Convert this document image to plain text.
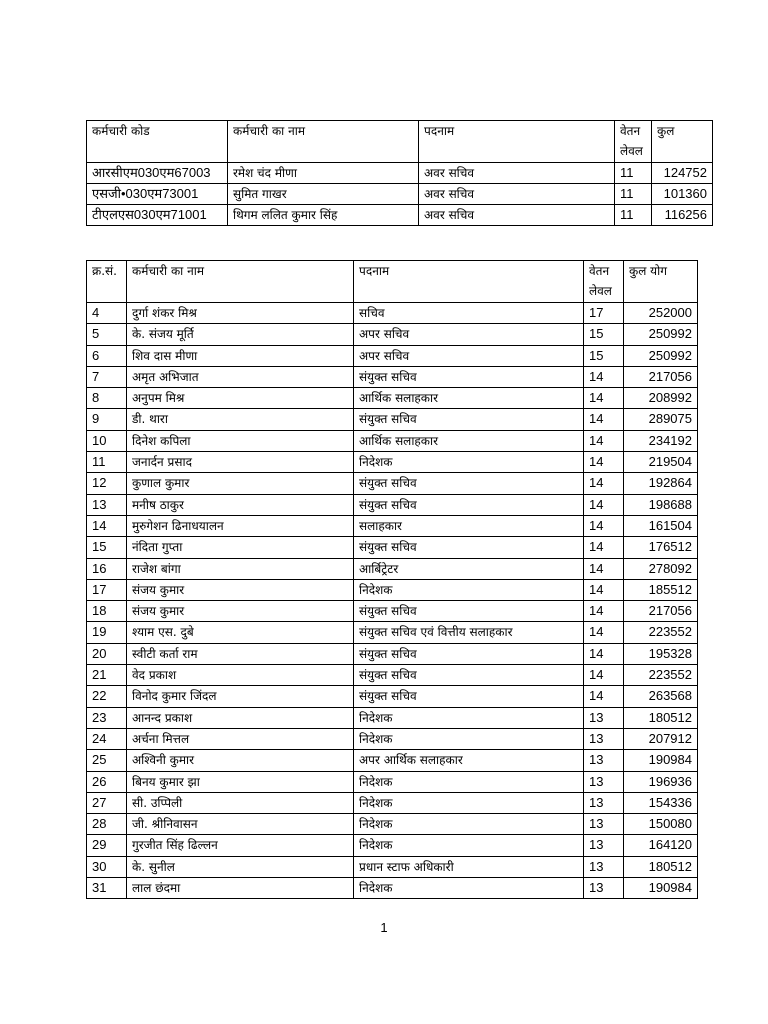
कर्मचारी कोड	कर्मचारी का नाम	पदनाम	वेतन लेवल	कुल
आरसीएम030एम67003	रमेश चंद मीणा	अवर सचिव	11	124752
एसजी•030एम73001	सुमित गाखर	अवर सचिव	11	101360
टीएलएस030एम71001	थिगम ललित कुमार सिंह	अवर सचिव	11	116256
क्र.सं.	कर्मचारी का नाम	पदनाम	वेतन लेवल	कुल योग
4	दुर्गा शंकर मिश्र	सचिव	17	252000
5	के. संजय मूर्ति	अपर सचिव	15	250992
6	शिव दास मीणा	अपर सचिव	15	250992
7	अमृत अभिजात	संयुक्त सचिव	14	217056
8	अनुपम मिश्र	आर्थिक सलाहकार	14	208992
9	डी. थारा	संयुक्त सचिव	14	289075
10	दिनेश कपिला	आर्थिक सलाहकार	14	234192
11	जनार्दन प्रसाद	निदेशक	14	219504
12	कुणाल कुमार	संयुक्त सचिव	14	192864
13	मनीष ठाकुर	संयुक्त सचिव	14	198688
14	मुरुगेशन ढिनाधयालन	सलाहकार	14	161504
15	नंदिता गुप्ता	संयुक्त सचिव	14	176512
16	राजेश बांगा	आर्बिट्रेटर	14	278092
17	संजय कुमार	निदेशक	14	185512
18	संजय कुमार	संयुक्त सचिव	14	217056
19	श्याम एस. दुबे	संयुक्त सचिव एवं वित्तीय सलाहकार	14	223552
20	स्वीटी कर्ता राम	संयुक्त सचिव	14	195328
21	वेद प्रकाश	संयुक्त सचिव	14	223552
22	विनोद कुमार जिंदल	संयुक्त सचिव	14	263568
23	आनन्द प्रकाश	निदेशक	13	180512
24	अर्चना मित्तल	निदेशक	13	207912
25	अश्विनी कुमार	अपर आर्थिक सलाहकार	13	190984
26	बिनय कुमार झा	निदेशक	13	196936
27	सी. उप्पिली	निदेशक	13	154336
28	जी. श्रीनिवासन	निदेशक	13	150080
29	गुरजीत सिंह ढिल्लन	निदेशक	13	164120
30	के. सुनील	प्रधान स्टाफ अधिकारी	13	180512
31	लाल छंदमा	निदेशक	13	190984
1
